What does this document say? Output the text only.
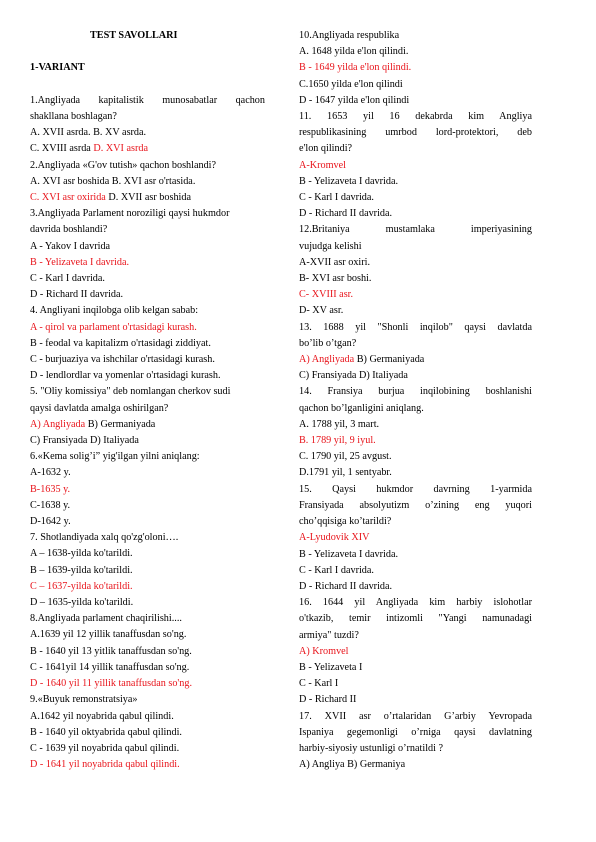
TEST SAVOLLARI
1-VARIANT
1.Angliyada kapitalistik munosabatlar qachon
shakllana boshlagan?
A. XVII asrda. B. XV asrda.
C. XVIII asrda D. XVI asrda
2.Angliyada «G'ov tutish» qachon boshlandi?
A. XVI asr boshida B. XVI asr o'rtasida.
C. XVI asr oxirida D. XVII asr boshida
3.Angliyada Parlament noroziligi qaysi hukmdor
davrida boshlandi?
A - Yakov I davrida
B - Yelizaveta I davrida.
C - Karl I davrida.
D - Richard II davrida.
4. Angliyani inqilobga olib kelgan sabab:
A - qirol va parlament o'rtasidagi kurash.
B - feodal va kapitalizm o'rtasidagi ziddiyat.
C - burjuaziya va ishchilar o'rtasidagi kurash.
D - lendlordlar va yomenlar o'rtasidagi kurash.
5. "Oliy komissiya" deb nomlangan cherkov sudi
qaysi davlatda amalga oshirilgan?
A) Angliyada B) Germaniyada
C) Fransiyada D) Italiyada
6.«Kema solig’i” yig'ilgan yilni aniqlang:
A-1632 y.
B-1635 y.
C-1638 y.
D-1642 y.
7. Shotlandiyada xalq qo'zg'oloni….
A – 1638-yilda ko'tarildi.
B – 1639-yilda ko'tarildi.
C – 1637-yilda ko'tarildi.
D – 1635-yilda ko'tarildi.
8.Angliyada parlament chaqirilishi....
A.1639 yil 12 yillik tanaffusdan so'ng.
B - 1640 yil 13 yitlik tanaffusdan so'ng.
C - 1641yil 14 yillik tanaffusdan so'ng.
D - 1640 yil 11 yillik tanaffusdan so'ng.
9.«Buyuk remonstratsiya»
A.1642 yil noyabrida qabul qilindi.
B - 1640 yil oktyabrida qabul qilindi.
C - 1639 yil noyabrida qabul qilindi.
D - 1641 yil noyabrida qabul qilindi.
10.Angliyada respublika
A. 1648 yilda e'lon qilindi.
B - 1649 yilda e'lon qilindi.
C.1650 yilda e'lon qilindi
D - 1647 yilda e'lon qilindi
11. 1653 yil 16 dekabrda kim Angliya
respublikasining umrbod lord-protektori, deb
e'lon qilindi?
A-Kromvel
B - Yelizaveta I davrida.
C - Karl I davrida.
D - Richard II davrida.
12.Britaniya mustamlaka imperiyasining
vujudga kelishi
A-XVII asr oxiri.
B- XVI asr boshi.
C- XVIII asr.
D- XV asr.
13. 1688 yil "Shonli inqilob" qaysi davlatda
bo’lib o’tgan?
A) Angliyada B) Germaniyada
C) Fransiyada D) Italiyada
14. Fransiya burjua inqilobining boshlanishi
qachon bo’lganligini aniqlang.
A. 1788 yil, 3 mart.
B. 1789 yil, 9 iyul.
C. 1790 yil, 25 avgust.
D.1791 yil, 1 sentyabr.
15. Qaysi hukmdor davrning 1-yarmida
Fransiyada absolyutizm o’zining eng yuqori
cho’qqisiga ko’tarildi?
A-Lyudovik XIV
B - Yelizaveta I davrida.
C - Karl I davrida.
D - Richard II davrida.
16. 1644 yil Angliyada kim harbiy islohotlar
o'tkazib, temir intizomli "Yangi namunadagi
armiya" tuzdi?
A) Kromvel
B - Yelizaveta I
C - Karl I
D - Richard II
17. XVII asr o’rtalaridan G’arbiy Yevropada
Ispaniya gegemonligi o’rniga qaysi davlatning
harbiy-siyosiy ustunligi o’rnatildi ?
A) Angliya B) Germaniya
